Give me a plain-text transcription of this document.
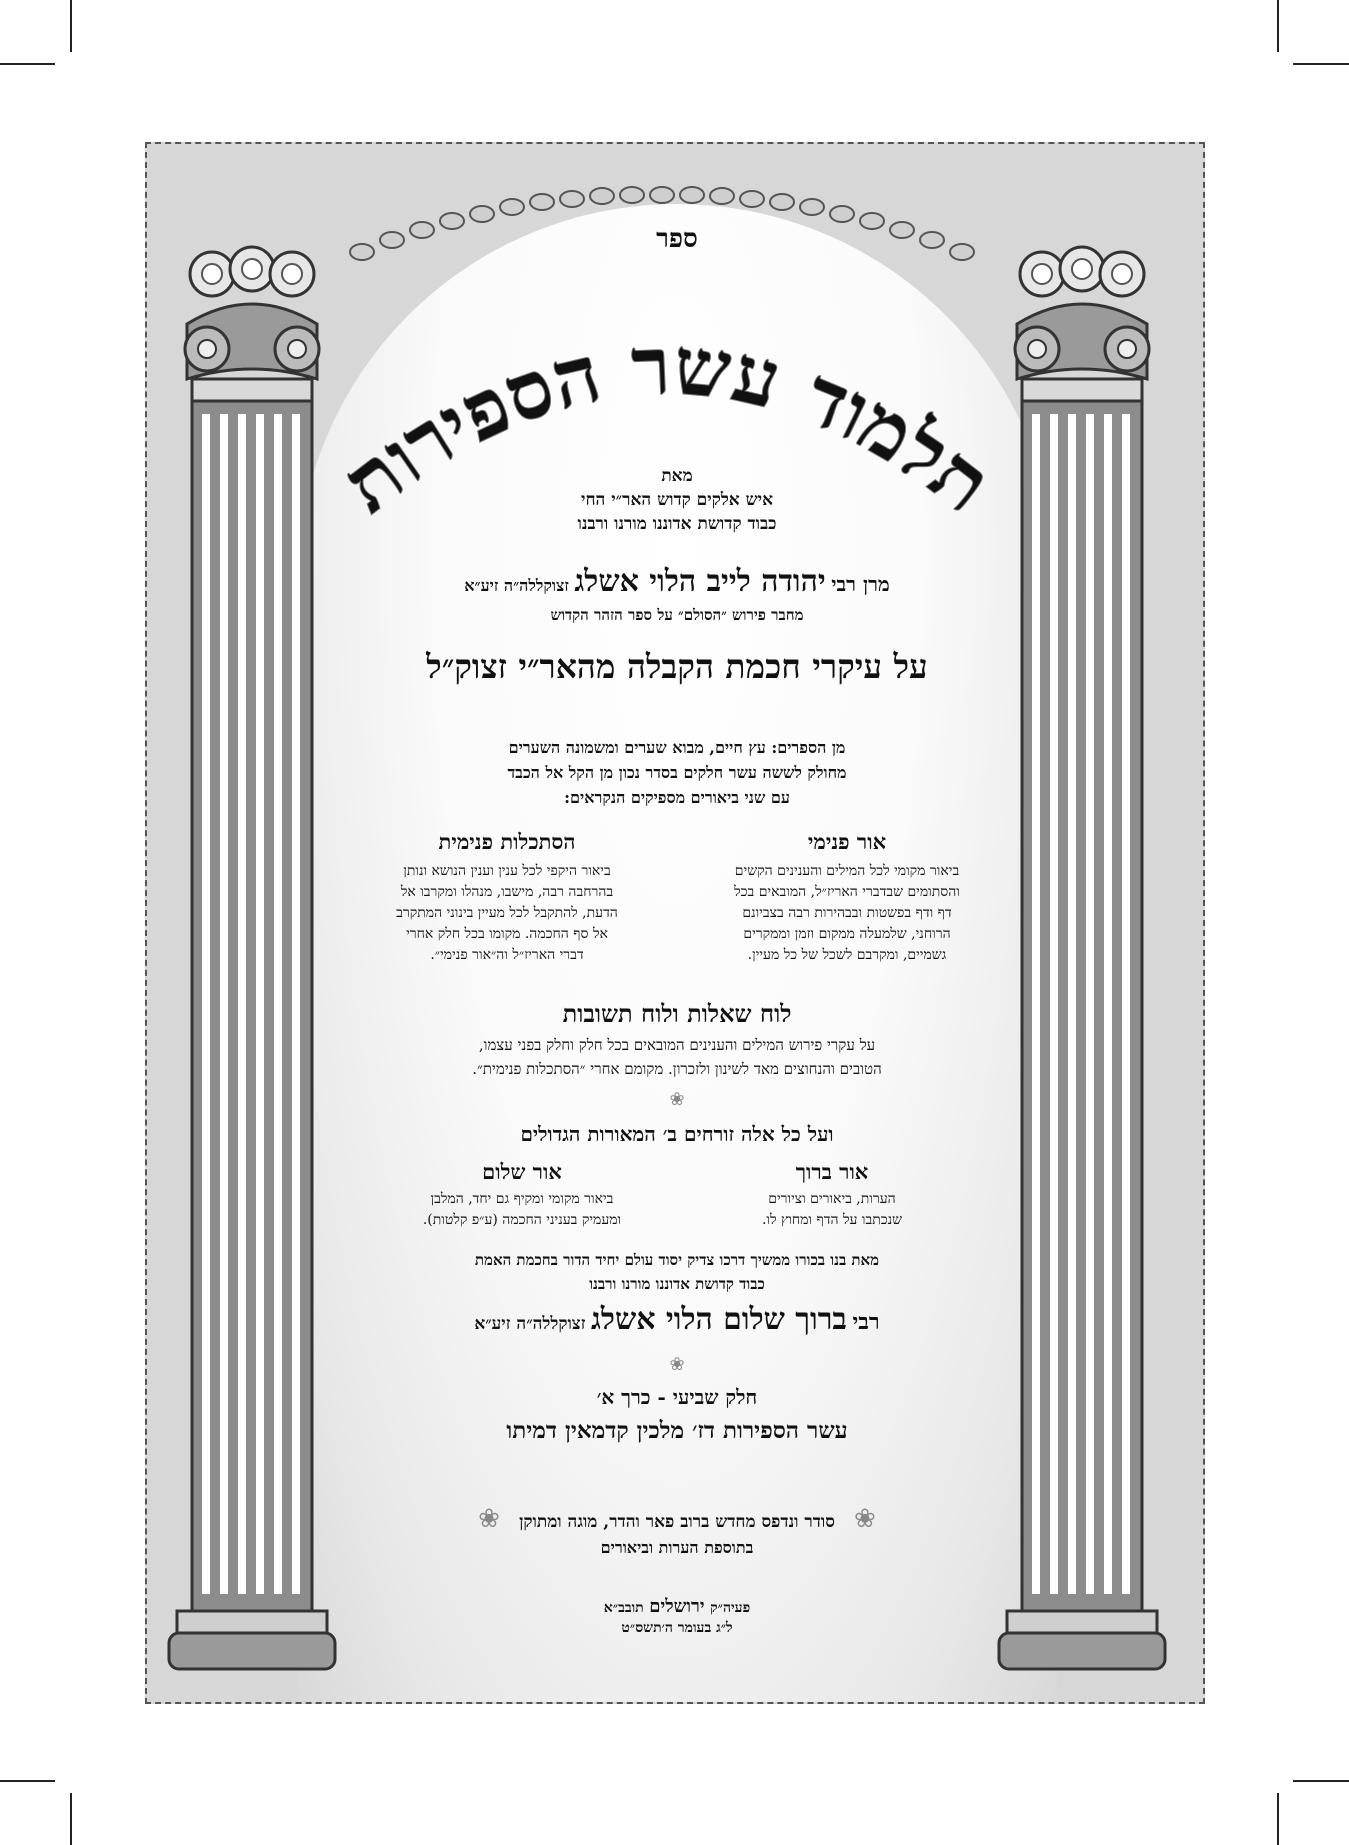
תלמוד עשר הספירות
ספר
מאת
איש אלקים קדוש האר״י החי
כבוד קדושת אדוננו מורנו ורבנו
מרן רבי יהודה לייב הלוי אשלג זצוקללה״ה זיע״א
מחבר פירוש ״הסולם״ על ספר הזהר הקדוש
על עיקרי חכמת הקבלה מהאר״י זצוק״ל
מן הספרים: עץ חיים, מבוא שערים ומשמונה השערים
מחולק לששה עשר חלקים בסדר נכון מן הקל אל הכבד
עם שני ביאורים מספיקים הנקראים:
אור פנימי
ביאור מקומי לכל המילים והענינים הקשים
והסתומים שבדברי האריז״ל, המובאים בכל
דף ודף בפשטות ובבהירות רבה בצביונם
הרוחני, שלמעלה ממקום וזמן וממקרים
גשמיים, ומקרבם לשכל של כל מעיין.
הסתכלות פנימית
ביאור היקפי לכל ענין וענין הנושא ונותן
בהרחבה רבה, מישבו, מנהלו ומקרבו אל
הדעת, להתקבל לכל מעיין בינוני המתקרב
אל סף החכמה. מקומו בכל חלק אחרי
דברי האריז״ל וה״אור פנימי״.
לוח שאלות ולוח תשובות
על עקרי פירוש המילים והענינים המובאים בכל חלק וחלק בפני עצמו,
הטובים והנחוצים מאד לשינון ולזכרון. מקומם אחרי ״הסתכלות פנימית״.
❀
ועל כל אלה זורחים ב׳ המאורות הגדולים
אור ברוך
הערות, ביאורים וציורים
שנכתבו על הדף ומחוץ לו.
אור שלום
ביאור מקומי ומקיף גם יחד, המלבן
ומעמיק בעניני החכמה (ע״פ קלטות).
מאת בנו בכורו ממשיך דרכו צדיק יסוד עולם יחיד הדור בחכמת האמת
כבוד קדושת אדוננו מורנו ורבנו
רבי ברוך שלום הלוי אשלג זצוקללה״ה זיע״א
❀
חלק שביעי - כרך א׳
עשר הספירות דז׳ מלכין קדמאין דמיתו
❀ סודר ונדפס מחדש ברוב פאר והדר, מוגה ומתוקן ❀
בתוספת הערות וביאורים
פעיה״ק ירושלים תובב״א
ל״ג בעומר ה׳תשס״ט
